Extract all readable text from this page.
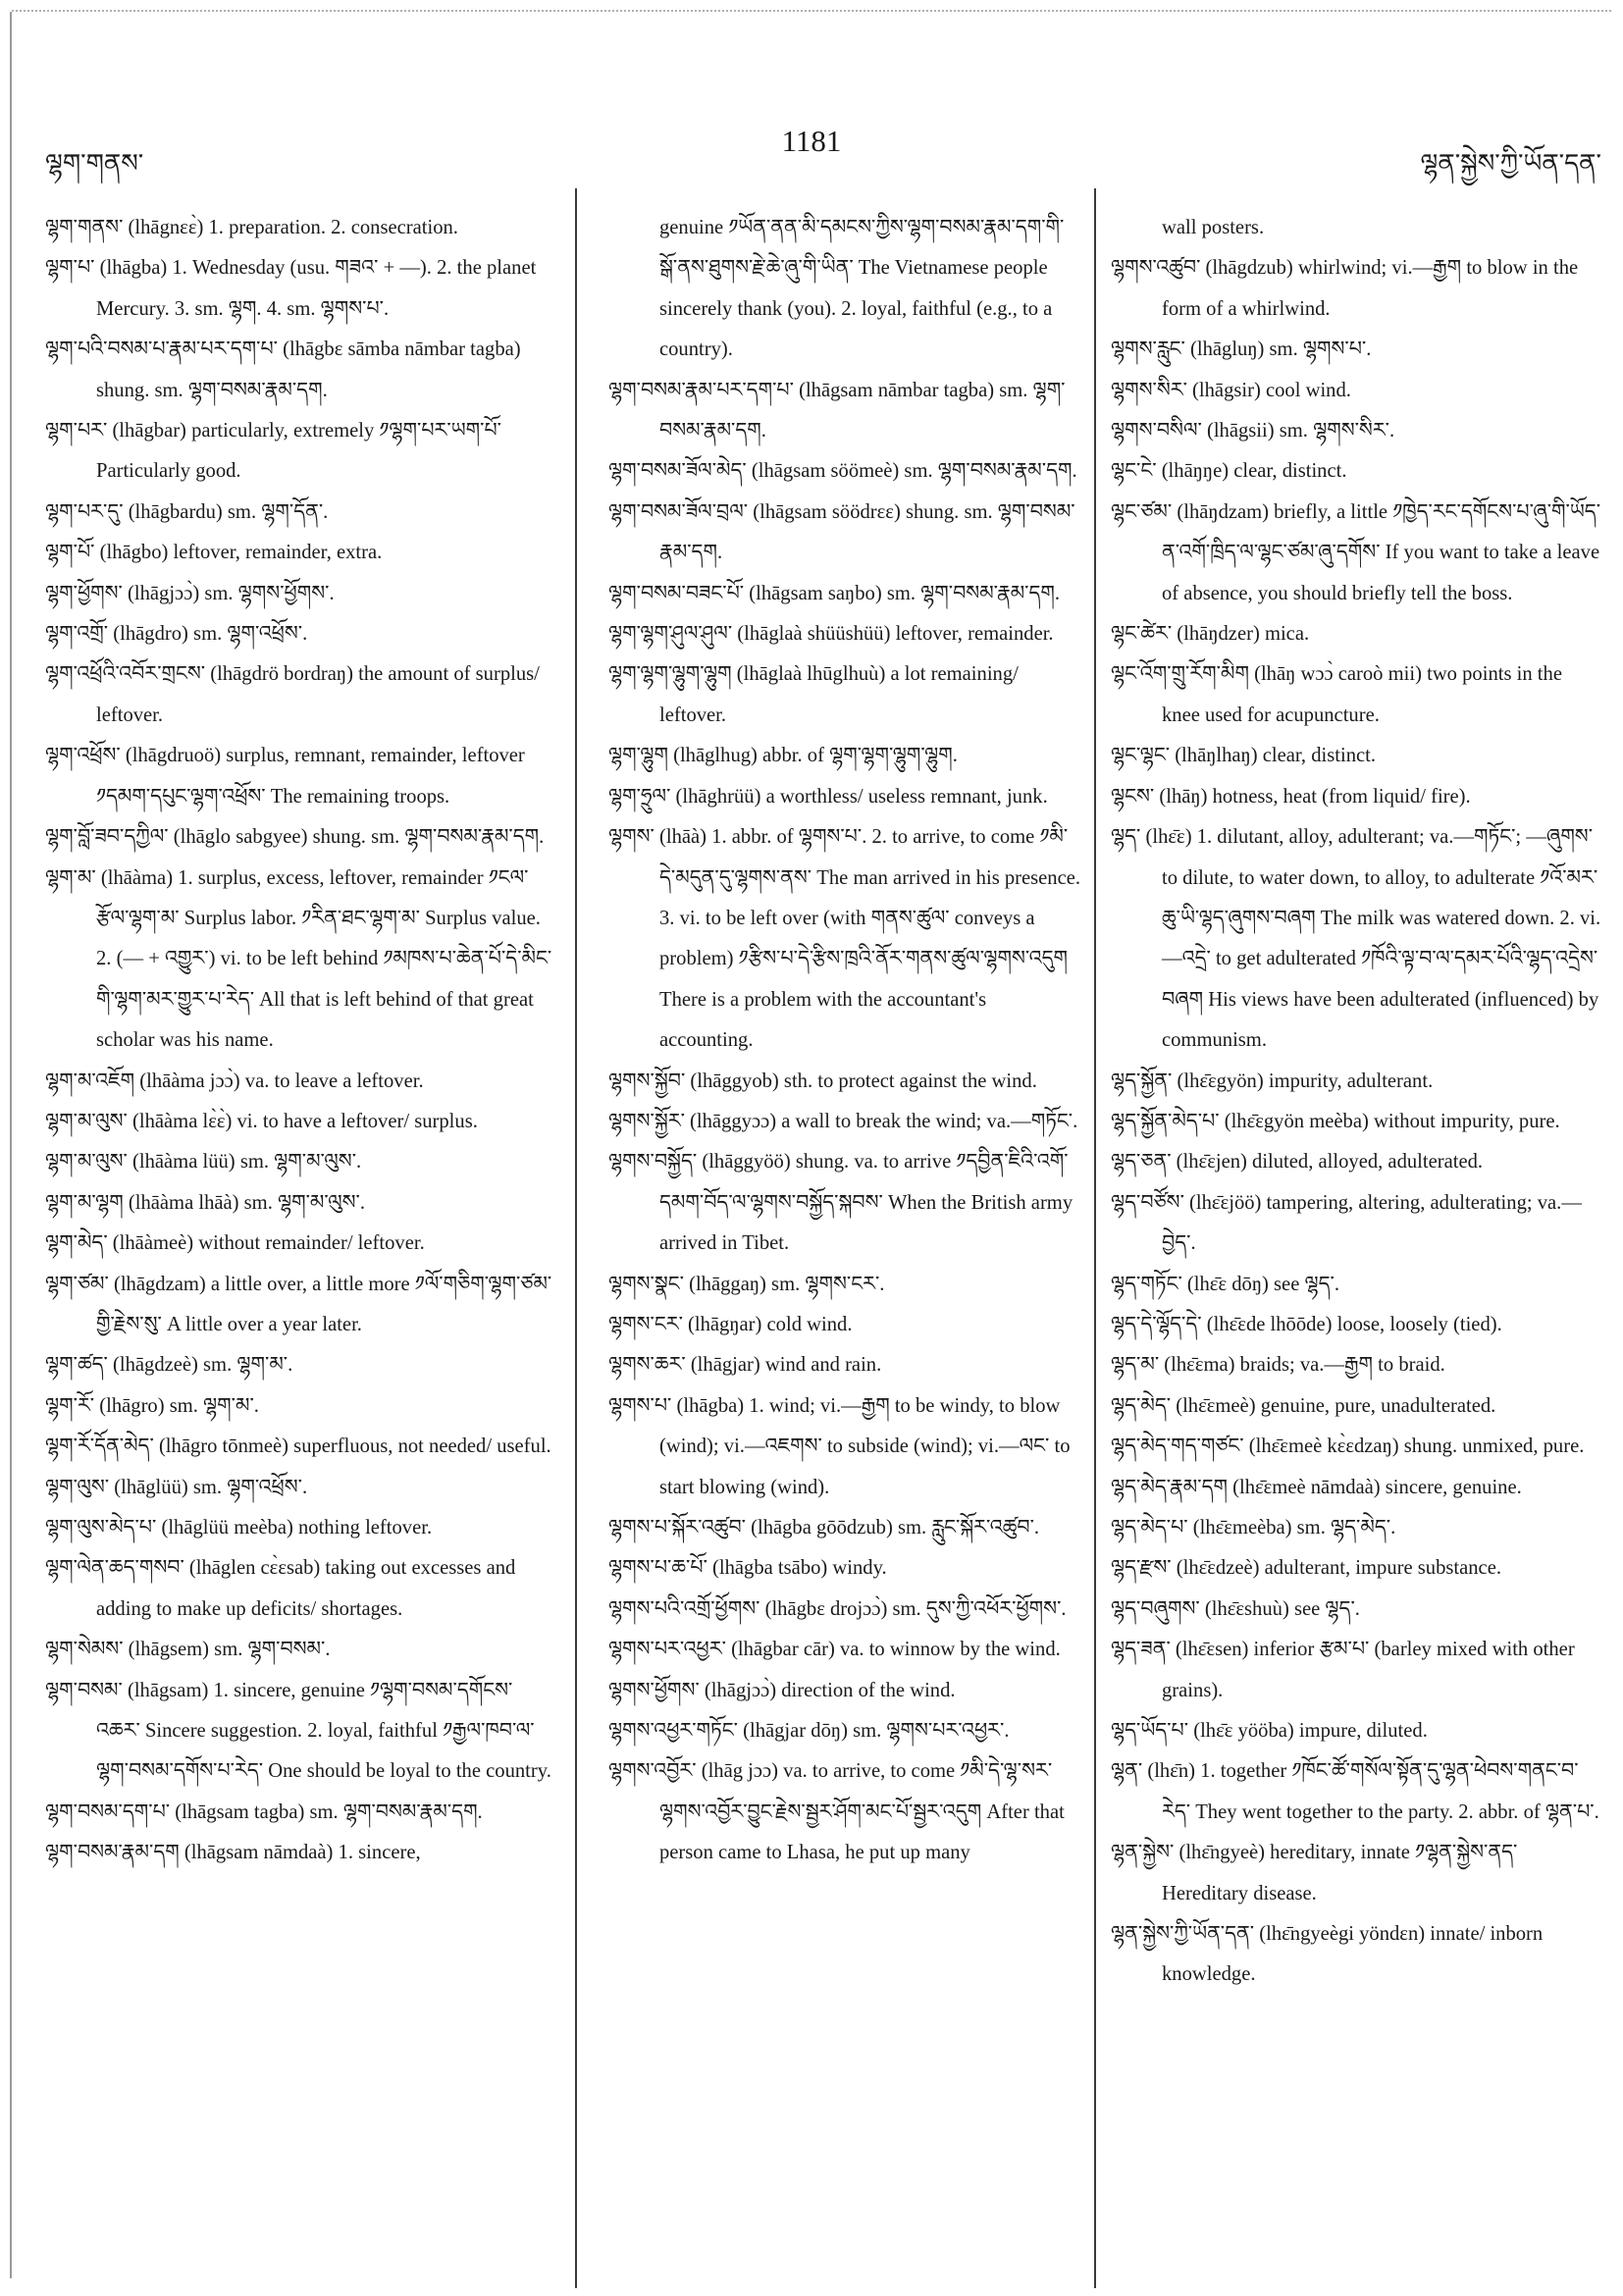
ལྷག་གནས་
1181
ལྷན་སྐྱེས་ཀྱི་ཡོན་དན་

ལྷག་གནས་ (lhāgnɛɛ̀) 1. preparation. 2. consecration.

ལྷག་པ་ (lhāgba) 1. Wednesday (usu. གཟའ་ + —). 2. the planet Mercury. 3. sm. ལྷག. 4. sm. ལྷགས་པ་.

ལྷག་པའི་བསམ་པ་རྣམ་པར་དག་པ་ (lhāgbɛ sāmba nāmbar tagba) shung. sm. ལྷག་བསམ་རྣམ་དག.

ལྷག་པར་ (lhāgbar) particularly, extremely ༡ལྷག་པར་ཡག་པོ་ Particularly good.

ལྷག་པར་དུ་ (lhāgbardu) sm. ལྷག་དོན་.

ལྷག་པོ་ (lhāgbo) leftover, remainder, extra.

ལྷག་ཕྱོགས་ (lhāgjɔɔ̀) sm. ལྷགས་ཕྱོགས་.

ལྷག་འགྲོ་ (lhāgdro) sm. ལྷག་འཕྲོས་.

ལྷག་འཕྲོའི་འབོར་གྲངས་ (lhāgdrö bordraŋ) the amount of surplus/ leftover.

ལྷག་འཕྲོས་ (lhāgdruoö) surplus, remnant, remainder, leftover ༡དམག་དཔུང་ལྷག་འཕྲོས་ The remaining troops.

ལྷག་བློ་ཟབ་དཀྱིལ་ (lhāglo sabgyee) shung. sm. ལྷག་བསམ་རྣམ་དག.

ལྷག་མ་ (lhāàma) 1. surplus, excess, leftover, remainder ༡ངལ་རྩོལ་ལྷག་མ་ Surplus labor. ༡རིན་ཐང་ལྷག་མ་ Surplus value. 2. (— + འགྱུར་) vi. to be left behind ༡མཁས་པ་ཆེན་པོ་དེ་མིང་གི་ལྷག་མར་གྱུར་པ་རེད་ All that is left behind of that great scholar was his name.

ལྷག་མ་འཇོག (lhāàma jɔɔ̀) va. to leave a leftover.

ལྷག་མ་ལུས་ (lhāàma lɛ̀ɛ̀) vi. to have a leftover/ surplus.

ལྷག་མ་ལུས་ (lhāàma lüü) sm. ལྷག་མ་ལུས་.

ལྷག་མ་ལྷག (lhāàma lhāà) sm. ལྷག་མ་ལུས་.

ལྷག་མེད་ (lhāàmeè) without remainder/ leftover.

ལྷག་ཙམ་ (lhāgdzam) a little over, a little more ༡ལོ་གཅིག་ལྷག་ཙམ་གྱི་རྗེས་སུ་ A little over a year later.

ལྷག་ཚད་ (lhāgdzeè) sm. ལྷག་མ་.

ལྷག་རོ་ (lhāgro) sm. ལྷག་མ་.

ལྷག་རོ་དོན་མེད་ (lhāgro tōnmeè) superfluous, not needed/ useful.

ལྷག་ལུས་ (lhāglüü) sm. ལྷག་འཕྲོས་.

ལྷག་ལུས་མེད་པ་ (lhāglüü meèba) nothing leftover.

ལྷག་ལེན་ཆད་གསབ་ (lhāglen cɛ̀ɛsab) taking out excesses and adding to make up deficits/ shortages.

ལྷག་སེམས་ (lhāgsem) sm. ལྷག་བསམ་.

ལྷག་བསམ་ (lhāgsam) 1. sincere, genuine ༡ལྷག་བསམ་དགོངས་འཆར་ Sincere suggestion. 2. loyal, faithful ༡རྒྱལ་ཁབ་ལ་ལྷག་བསམ་དགོས་པ་རེད་ One should be loyal to the country.

ལྷག་བསམ་དག་པ་ (lhāgsam tagba) sm. ལྷག་བསམ་རྣམ་དག.

ལྷག་བསམ་རྣམ་དག (lhāgsam nāmdaà) 1. sincere,

genuine ༡ཡོན་ནན་མི་དམངས་ཀྱིས་ལྷག་བསམ་རྣམ་དག་གི་སྒོ་ནས་ཐུགས་རྗེ་ཆེ་ཞུ་གི་ཡིན་ The Vietnamese people sincerely thank (you). 2. loyal, faithful (e.g., to a country).

ལྷག་བསམ་རྣམ་པར་དག་པ་ (lhāgsam nāmbar tagba) sm. ལྷག་བསམ་རྣམ་དག.

ལྷག་བསམ་ཟོལ་མེད་ (lhāgsam söömeè) sm. ལྷག་བསམ་རྣམ་དག.

ལྷག་བསམ་ཟོལ་བྲལ་ (lhāgsam söödrɛɛ) shung. sm. ལྷག་བསམ་རྣམ་དག.

ལྷག་བསམ་བཟང་པོ་ (lhāgsam saŋbo) sm. ལྷག་བསམ་རྣམ་དག.

ལྷག་ལྷག་ཤུལ་ཤུལ་ (lhāglaà shüüshüü) leftover, remainder.

ལྷག་ལྷག་ལྷུག་ལྷུག (lhāglaà lhūglhuù) a lot remaining/ leftover.

ལྷག་ལྷུག (lhāglhug) abbr. of ལྷག་ལྷག་ལྷུག་ལྷུག.

ལྷག་ཧྲུལ་ (lhāghrüü) a worthless/ useless remnant, junk.

ལྷགས་ (lhāà) 1. abbr. of ལྷགས་པ་. 2. to arrive, to come ༡མི་དེ་མདུན་དུ་ལྷགས་ནས་ The man arrived in his presence. 3. vi. to be left over (with གནས་ཚུལ་ conveys a problem) ༡རྩིས་པ་དེ་རྩིས་ཁྲའི་ནོར་གནས་ཚུལ་ལྷགས་འདུག There is a problem with the accountant's accounting.

ལྷགས་སྐྱོབ་ (lhāggyob) sth. to protect against the wind.

ལྷགས་སྐྱོར་ (lhāggyɔɔ) a wall to break the wind; va.—གཏོང་.

ལྷགས་བསྐྱོད་ (lhāggyöö) shung. va. to arrive ༡དབྱིན་ཇིའི་འགོ་དམག་བོད་ལ་ལྷགས་བསྐྱོད་སྐབས་ When the British army arrived in Tibet.

ལྷགས་སྣང་ (lhāggaŋ) sm. ལྷགས་ངར་.

ལྷགས་ངར་ (lhāgŋar) cold wind.

ལྷགས་ཆར་ (lhāgjar) wind and rain.

ལྷགས་པ་ (lhāgba) 1. wind; vi.—རྒྱག to be windy, to blow (wind); vi.—འཇགས་ to subside (wind); vi.—ལང་ to start blowing (wind).

ལྷགས་པ་སྐོར་འཚུབ་ (lhāgba gōōdzub) sm. རླུང་སྐོར་འཚུབ་.

ལྷགས་པ་ཆ་པོ་ (lhāgba tsābo) windy.

ལྷགས་པའི་འགྲོ་ཕྱོགས་ (lhāgbɛ drojɔɔ̀) sm. དུས་ཀྱི་འཕོར་ཕྱོགས་.

ལྷགས་པར་འཕྱར་ (lhāgbar cār) va. to winnow by the wind.

ལྷགས་ཕྱོགས་ (lhāgjɔɔ̀) direction of the wind.

ལྷགས་འཕྱར་གཏོང་ (lhāgjar dōŋ) sm. ལྷགས་པར་འཕྱར་.

ལྷགས་འབྱོར་ (lhāg jɔɔ) va. to arrive, to come ༡མི་དེ་ལྷ་སར་ལྷགས་འབྱོར་བྱུང་རྗེས་སྦྱར་ཤོག་མང་པོ་སྦྱར་འདུག After that person came to Lhasa, he put up many

wall posters.

ལྷགས་འཚུབ་ (lhāgdzub) whirlwind; vi.—རྒྱག to blow in the form of a whirlwind.

ལྷགས་རླུང་ (lhāgluŋ) sm. ལྷགས་པ་.

ལྷགས་སིར་ (lhāgsir) cool wind.

ལྷགས་བསིལ་ (lhāgsii) sm. ལྷགས་སིར་.

ལྷང་ངེ་ (lhāŋŋe) clear, distinct.

ལྷང་ཙམ་ (lhāŋdzam) briefly, a little ༡ཁྱེད་རང་དགོངས་པ་ཞུ་གི་ཡོད་ན་འགོ་ཁྲིད་ལ་ལྷང་ཙམ་ཞུ་དགོས་ If you want to take a leave of absence, you should briefly tell the boss.

ལྷང་ཚེར་ (lhāŋdzer) mica.

ལྷང་འོག་གྲུ་རོག་མིག (lhāŋ wɔɔ̀ caroò mii) two points in the knee used for acupuncture.

ལྷང་ལྷང་ (lhāŋlhaŋ) clear, distinct.

ལྷངས་ (lhāŋ) hotness, heat (from liquid/ fire).

ལྷད་ (lhɛ̄ɛ) 1. dilutant, alloy, adulterant; va.—གཏོང་; —ཞུགས་ to dilute, to water down, to alloy, to adulterate ༡འོ་མར་ཆུ་ཡི་ལྷད་ཞུགས་བཞག The milk was watered down. 2. vi.—འདྲེ་ to get adulterated ༡ཁོའི་ལྟ་བ་ལ་དམར་པོའི་ལྷད་འདྲེས་བཞག His views have been adulterated (influenced) by communism.

ལྷད་སྐྱོན་ (lhɛ̄ɛgyön) impurity, adulterant.

ལྷད་སྐྱོན་མེད་པ་ (lhɛ̄ɛgyön meèba) without impurity, pure.

ལྷད་ཅན་ (lhɛ̄ɛjen) diluted, alloyed, adulterated.

ལྷད་བཙོས་ (lhɛ̄ɛjöö) tampering, altering, adulterating; va.—བྱེད་.

ལྷད་གཏོང་ (lhɛ̄ɛ dōŋ) see ལྷད་.

ལྷད་དེ་ལྷོད་དེ་ (lhɛ̄ɛde lhōōde) loose, loosely (tied).

ལྷད་མ་ (lhɛ̄ɛma) braids; va.—རྒྱག to braid.

ལྷད་མེད་ (lhɛ̄ɛmeè) genuine, pure, unadulterated.

ལྷད་མེད་གད་གཙང་ (lhɛ̄ɛmeè kɛ̀ɛdzaŋ) shung. unmixed, pure.

ལྷད་མེད་རྣམ་དག (lhɛ̄ɛmeè nāmdaà) sincere, genuine.

ལྷད་མེད་པ་ (lhɛ̄ɛmeèba) sm. ལྷད་མེད་.

ལྷད་རྫས་ (lhɛ̄ɛdzeè) adulterant, impure substance.

ལྷད་བཞུགས་ (lhɛ̄ɛshuù) see ལྷད་.

ལྷད་ཟན་ (lhɛ̄ɛsen) inferior རྩམ་པ་ (barley mixed with other grains).

ལྷད་ཡོད་པ་ (lhɛ̄ɛ yööba) impure, diluted.

ལྷན་ (lhɛ̄n) 1. together ༡ཁོང་ཚོ་གསོལ་སྟོན་དུ་ལྷན་ཕེབས་གནང་བ་རེད་ They went together to the party. 2. abbr. of ལྷན་པ་.

ལྷན་སྐྱེས་ (lhɛ̄ngyeè) hereditary, innate ༡ལྷན་སྐྱེས་ནད་ Hereditary disease.

ལྷན་སྐྱེས་ཀྱི་ཡོན་དན་ (lhɛ̄ngyeègi yöndɛn) innate/ inborn knowledge.
